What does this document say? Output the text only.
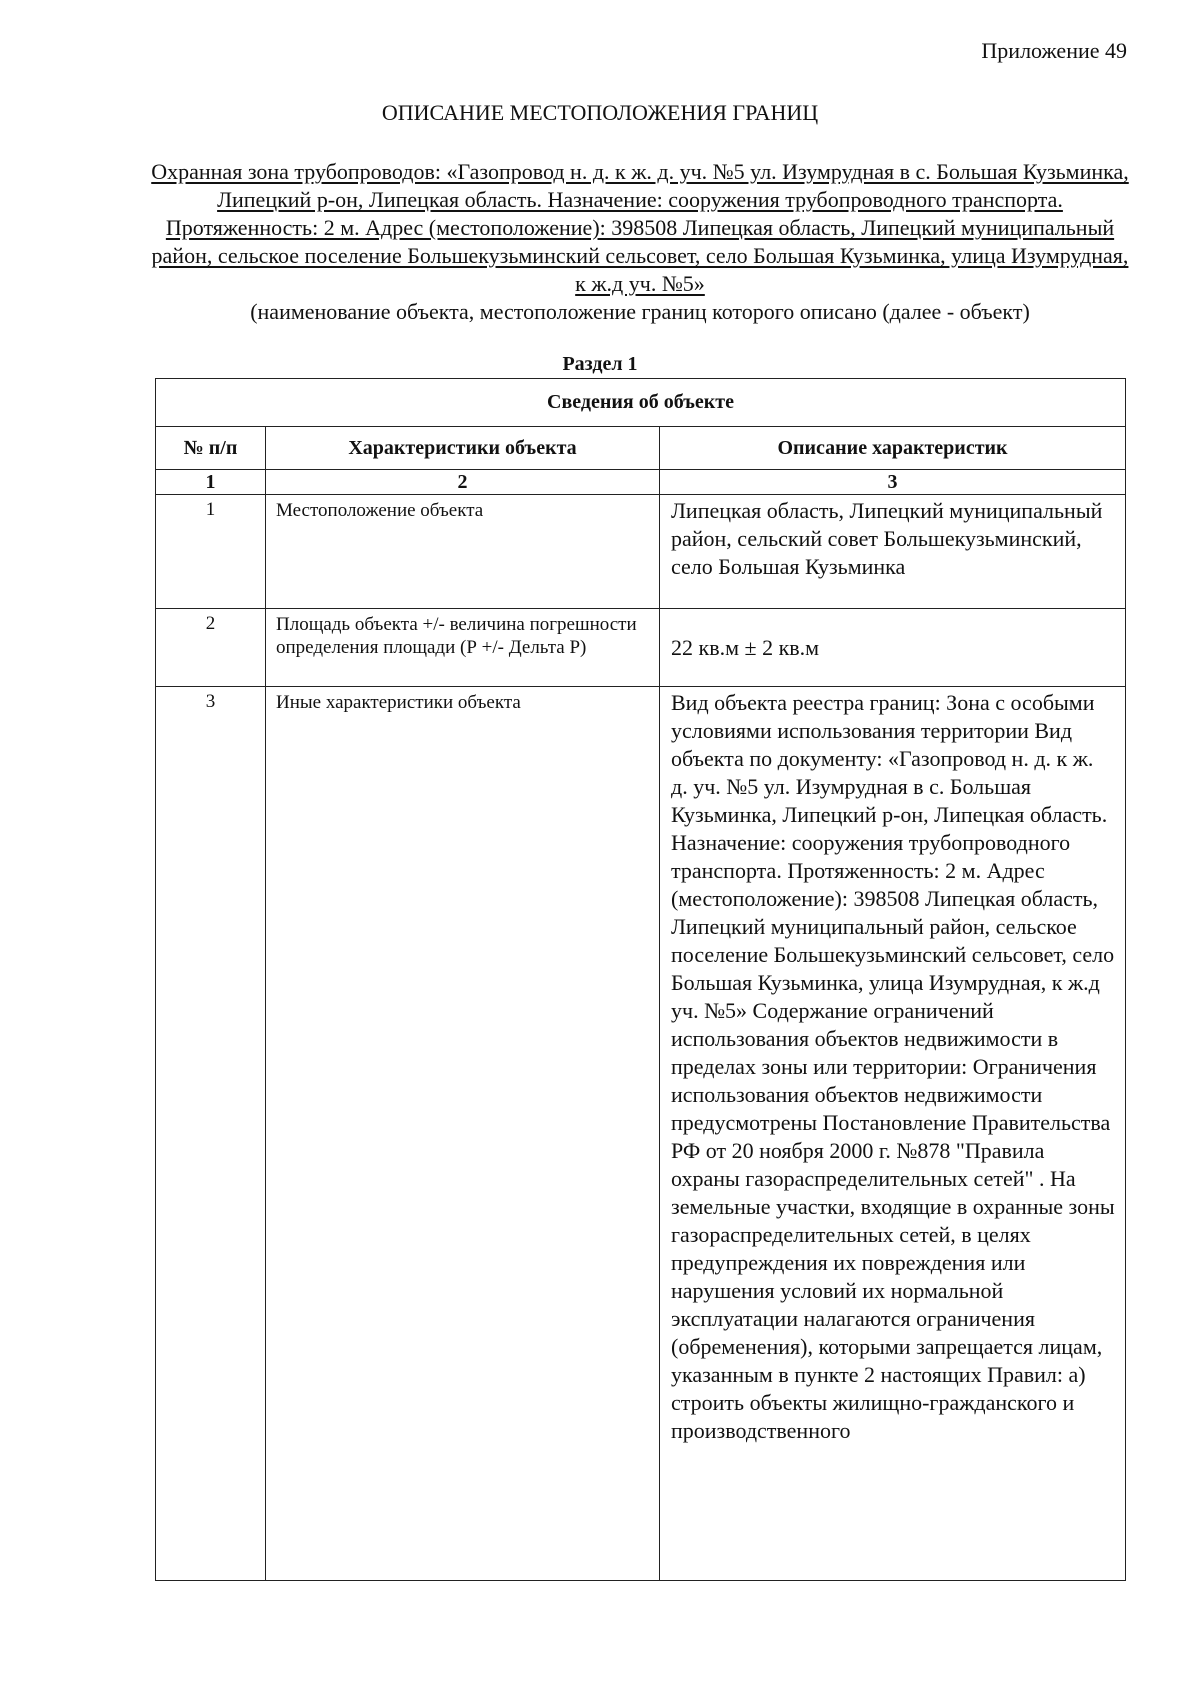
Приложение 49
ОПИСАНИЕ МЕСТОПОЛОЖЕНИЯ ГРАНИЦ
Охранная зона трубопроводов: «Газопровод н. д. к ж. д. уч. №5 ул. Изумрудная в с. Большая Кузьминка, Липецкий р-он, Липецкая область. Назначение: сооружения трубопроводного транспорта. Протяженность: 2 м. Адрес (местоположение): 398508 Липецкая область, Липецкий муниципальный район, сельское поселение Большекузьминский сельсовет, село Большая Кузьминка, улица Изумрудная, к ж.д уч. №5»
(наименование объекта, местоположение границ которого описано (далее - объект)
Раздел 1
Сведения об объекте		
№ п/п	Характеристики объекта	Описание характеристик
1	2	3
1	Местоположение объекта	Липецкая область, Липецкий муниципальный район, сельский совет Большекузьминский, село Большая Кузьминка
2	Площадь объекта +/- величина погрешности определения площади (Р +/- Дельта Р)	22 кв.м ± 2 кв.м
3	Иные характеристики объекта	Вид объекта реестра границ: Зона с особыми условиями использования территории Вид объекта по документу: «Газопровод н. д. к ж. д. уч. №5 ул. Изумрудная в с. Большая Кузьминка, Липецкий р-он, Липецкая область. Назначение: сооружения трубопроводного транспорта. Протяженность: 2 м. Адрес (местоположение): 398508 Липецкая область, Липецкий муниципальный район, сельское поселение Большекузьминский сельсовет, село Большая Кузьминка, улица Изумрудная, к ж.д уч. №5» Содержание ограничений использования объектов недвижимости в пределах зоны или территории: Ограничения использования объектов недвижимости предусмотрены Постановление Правительства РФ от 20 ноября 2000 г. №878 "Правила охраны газораспределительных сетей" . На земельные участки, входящие в охранные зоны газораспределительных сетей, в целях предупреждения их повреждения или нарушения условий их нормальной эксплуатации налагаются ограничения (обременения), которыми запрещается лицам, указанным в пункте 2 настоящих Правил: а) строить объекты жилищно-гражданского и производственного
